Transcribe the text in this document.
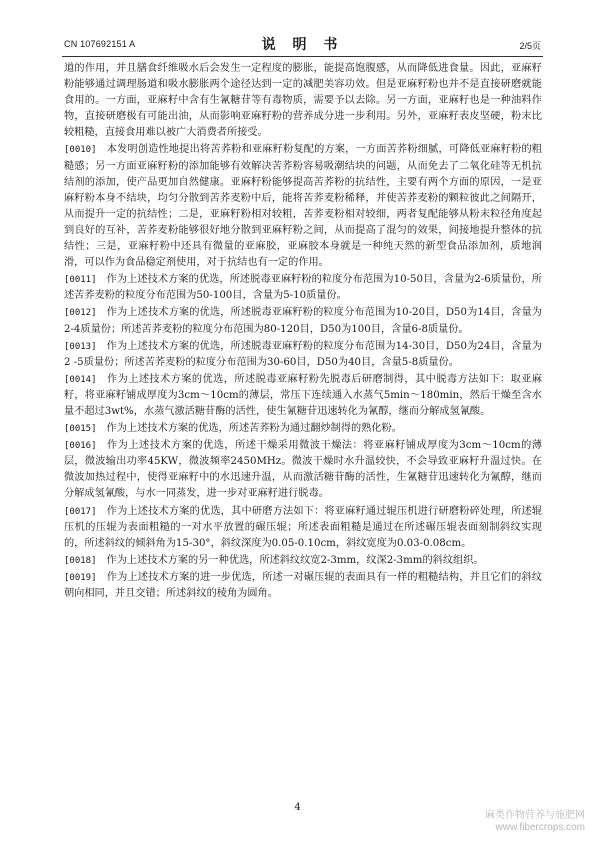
CN 107692151 A	说 明 书	2/5页

道的作用，并且膳食纤维吸水后会发生一定程度的膨胀，能提高饱腹感，从而降低进食量。因此，亚麻籽粉能够通过调理肠道和吸水膨胀两个途径达到一定的减肥美容功效。但是亚麻籽粉也并不是直接研磨就能食用的。一方面，亚麻籽中含有生氰糖苷等有毒物质，需要予以去除。另一方面，亚麻籽也是一种油料作物，直接研磨极有可能出油，从而影响亚麻籽粉的营养成分进一步利用。另外，亚麻籽表皮坚硬，粉末比较粗糙，直接食用难以被广大消费者所接受。

[0010] 本发明创造性地提出将苦荞粉和亚麻籽粉复配的方案，一方面苦荞粉细腻，可降低亚麻籽粉的粗糙感；另一方面亚麻籽粉的添加能够有效解决苦荞粉容易吸潮结块的问题，从而免去了二氧化硅等无机抗结剂的添加，使产品更加自然健康。亚麻籽粉能够提高苦荞粉的抗结性，主要有两个方面的原因，一是亚麻籽粉本身不结块，均匀分散到苦荞麦粉中后，能将苦荞麦粉稀释，并使苦荞麦粉的颗粒彼此之间隔开，从而提升一定的抗结性；二是，亚麻籽粉相对较粗，苦荞麦粉相对较细，两者复配能够从粉末粒径角度起到良好的互补，苦荞麦粉能够很好地分散到亚麻籽粉之间，从而提高了混匀的效果，间接地提升整体的抗结性；三是，亚麻籽粉中还具有微量的亚麻胶，亚麻胶本身就是一种纯天然的新型食品添加剂，质地润滑，可以作为食品稳定剂使用，对于抗结也有一定的作用。

[0011] 作为上述技术方案的优选，所述脱毒亚麻籽粉的粒度分布范围为10-50目，含量为2-6质量份，所述苦荞麦粉的粒度分布范围为50-100目，含量为5-10质量份。

[0012] 作为上述技术方案的优选，所述脱毒亚麻籽粉的粒度分布范围为10-20目，D50为14目，含量为2-4质量份；所述苦荞麦粉的粒度分布范围为80-120目，D50为100目，含量6-8质量份。

[0013] 作为上述技术方案的优选，所述脱毒亚麻籽粉的粒度分布范围为14-30目，D50为24目，含量为2 -5质量份；所述苦荞麦粉的粒度分布范围为30-60目，D50为40目，含量5-8质量份。

[0014] 作为上述技术方案的优选，所述脱毒亚麻籽粉先脱毒后研磨制得，其中脱毒方法如下：取亚麻籽，将亚麻籽铺成厚度为3cm～10cm的薄层，常压下连续通入水蒸气5min～180min，然后干燥至含水量不超过3wt%，水蒸气激活糖苷酶的活性，使生氰糖苷迅速转化为氰醇，继而分解成氢氰酸。

[0015] 作为上述技术方案的优选，所述苦荞粉为通过翻炒制得的熟化粉。

[0016] 作为上述技术方案的优选，所述干燥采用微波干燥法：将亚麻籽铺成厚度为3cm～10cm的薄层，微波输出功率45KW，微波频率2450MHz。微波干燥时水升温较快，不会导致亚麻籽升温过快。在微波加热过程中，使得亚麻籽中的水迅速升温，从而激活糖苷酶的活性，生氰糖苷迅速转化为氰醇，继而分解成氢氰酸，与水一同蒸发，进一步对亚麻籽进行脱毒。

[0017] 作为上述技术方案的优选，其中研磨方法如下：将亚麻籽通过辊压机进行研磨粉碎处理，所述辊压机的压辊为表面粗糙的一对水平放置的碾压辊；所述表面粗糙是通过在所述碾压辊表面刻制斜纹实现的，所述斜纹的倾斜角为15-30°，斜纹深度为0.05-0.10cm，斜纹宽度为0.03-0.08cm。

[0018] 作为上述技术方案的另一种优选，所述斜纹纹宽2-3mm，纹深2-3mm的斜纹组织。

[0019] 作为上述技术方案的进一步优选，所述一对碾压辊的表面具有一样的粗糙结构，并且它们的斜纹朝向相同，并且交错；所述斜纹的棱角为圆角。

4
麻类作物营养与施肥网
www.fibercrops.com
